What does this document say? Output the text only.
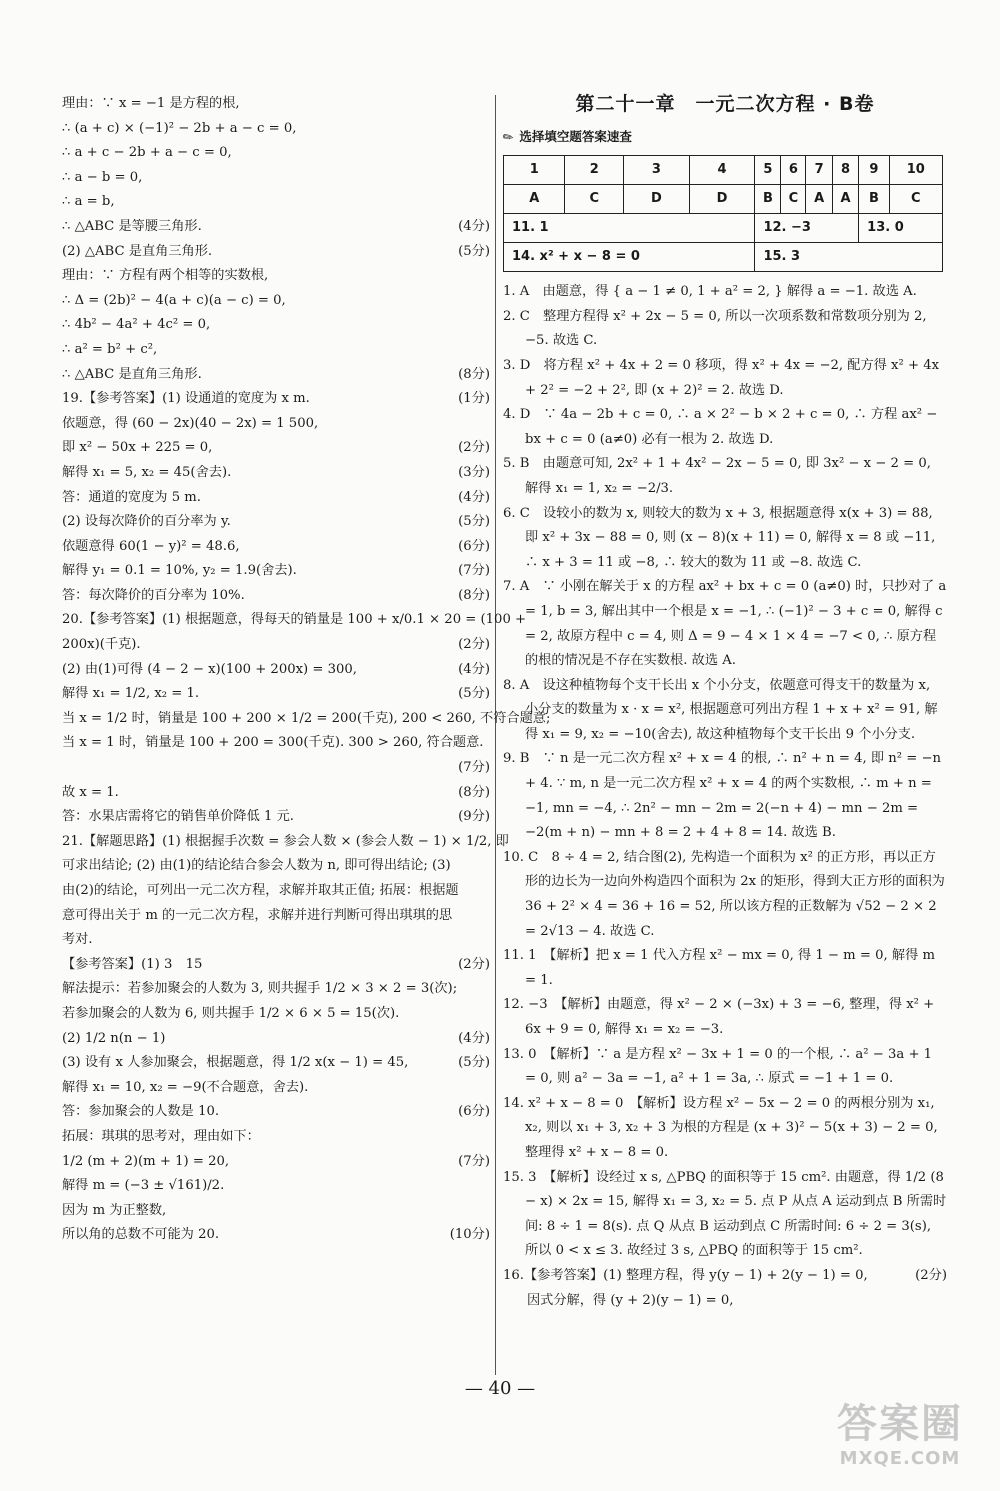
理由：∵ x = −1 是方程的根,
∴ (a + c) × (−1)² − 2b + a − c = 0,
∴ a + c − 2b + a − c = 0,
∴ a − b = 0,
∴ a = b,
∴ △ABC 是等腰三角形.	(4分)
(2) △ABC 是直角三角形.	(5分)
理由：∵ 方程有两个相等的实数根,
∴ Δ = (2b)² − 4(a + c)(a − c) = 0,
∴ 4b² − 4a² + 4c² = 0,
∴ a² = b² + c²,
∴ △ABC 是直角三角形.	(8分)
19.【参考答案】(1) 设通道的宽度为 x m.	(1分)
依题意，得 (60 − 2x)(40 − 2x) = 1 500,
即 x² − 50x + 225 = 0,	(2分)
解得 x₁ = 5, x₂ = 45(舍去).	(3分)
答：通道的宽度为 5 m.	(4分)
(2) 设每次降价的百分率为 y.	(5分)
依题意得 60(1 − y)² = 48.6,	(6分)
解得 y₁ = 0.1 = 10%, y₂ = 1.9(舍去).	(7分)
答：每次降价的百分率为 10%.	(8分)
20.【参考答案】(1) 根据题意，得每天的销量是 100 + x/0.1 × 20 = (100 +
200x)(千克).	(2分)
(2) 由(1)可得 (4 − 2 − x)(100 + 200x) = 300,	(4分)
解得 x₁ = 1/2, x₂ = 1.	(5分)
当 x = 1/2 时，销量是 100 + 200 × 1/2 = 200(千克), 200 < 260, 不符合题意;
当 x = 1 时，销量是 100 + 200 = 300(千克). 300 > 260, 符合题意.
(7分)
故 x = 1.	(8分)
答：水果店需将它的销售单价降低 1 元.	(9分)
21.【解题思路】(1) 根据握手次数 = 参会人数 × (参会人数 − 1) × 1/2, 即
可求出结论; (2) 由(1)的结论结合参会人数为 n, 即可得出结论; (3)
由(2)的结论，可列出一元二次方程，求解并取其正值; 拓展：根据题
意可得出关于 m 的一元二次方程，求解并进行判断可得出琪琪的思
考对.
【参考答案】(1) 3　15	(2分)
解法提示：若参加聚会的人数为 3, 则共握手 1/2 × 3 × 2 = 3(次);
若参加聚会的人数为 6, 则共握手 1/2 × 6 × 5 = 15(次).
(2) 1/2 n(n − 1)	(4分)
(3) 设有 x 人参加聚会，根据题意，得 1/2 x(x − 1) = 45,	(5分)
解得 x₁ = 10, x₂ = −9(不合题意，舍去).
答：参加聚会的人数是 10.	(6分)
拓展：琪琪的思考对，理由如下：
1/2 (m + 2)(m + 1) = 20,	(7分)
解得 m = (−3 ± √161)/2.
因为 m 为正整数,
所以角的总数不可能为 20.	(10分)
第二十一章　一元二次方程 · B卷
✎ 选择填空题答案速查
1	2	3	4	5	6	7	8	9	10
A	C	D	D	B	C	A	A	B	C
11. 1				12. −3				13. 0	
14. x² + x − 8 = 0				15. 3					
1. A　由题意，得 { a − 1 ≠ 0, 1 + a² = 2, } 解得 a = −1. 故选 A.
2. C　整理方程得 x² + 2x − 5 = 0, 所以一次项系数和常数项分别为 2, −5. 故选 C.
3. D　将方程 x² + 4x + 2 = 0 移项，得 x² + 4x = −2, 配方得 x² + 4x + 2² = −2 + 2², 即 (x + 2)² = 2. 故选 D.
4. D　∵ 4a − 2b + c = 0, ∴ a × 2² − b × 2 + c = 0, ∴ 方程 ax² − bx + c = 0 (a≠0) 必有一根为 2. 故选 D.
5. B　由题意可知, 2x² + 1 + 4x² − 2x − 5 = 0, 即 3x² − x − 2 = 0, 解得 x₁ = 1, x₂ = −2/3.
6. C　设较小的数为 x, 则较大的数为 x + 3, 根据题意得 x(x + 3) = 88, 即 x² + 3x − 88 = 0, 则 (x − 8)(x + 11) = 0, 解得 x = 8 或 −11, ∴ x + 3 = 11 或 −8, ∴ 较大的数为 11 或 −8. 故选 C.
7. A　∵ 小刚在解关于 x 的方程 ax² + bx + c = 0 (a≠0) 时，只抄对了 a = 1, b = 3, 解出其中一个根是 x = −1, ∴ (−1)² − 3 + c = 0, 解得 c = 2, 故原方程中 c = 4, 则 Δ = 9 − 4 × 1 × 4 = −7 < 0, ∴ 原方程的根的情况是不存在实数根. 故选 A.
8. A　设这种植物每个支干长出 x 个小分支，依题意可得支干的数量为 x, 小分支的数量为 x · x = x², 根据题意可列出方程 1 + x + x² = 91, 解得 x₁ = 9, x₂ = −10(舍去), 故这种植物每个支干长出 9 个小分支.
9. B　∵ n 是一元二次方程 x² + x = 4 的根, ∴ n² + n = 4, 即 n² = −n + 4. ∵ m, n 是一元二次方程 x² + x = 4 的两个实数根, ∴ m + n = −1, mn = −4, ∴ 2n² − mn − 2m = 2(−n + 4) − mn − 2m = −2(m + n) − mn + 8 = 2 + 4 + 8 = 14. 故选 B.
10. C　8 ÷ 4 = 2, 结合图(2), 先构造一个面积为 x² 的正方形，再以正方形的边长为一边向外构造四个面积为 2x 的矩形，得到大正方形的面积为 36 + 2² × 4 = 36 + 16 = 52, 所以该方程的正数解为 √52 − 2 × 2 = 2√13 − 4. 故选 C.
11. 1　【解析】把 x = 1 代入方程 x² − mx = 0, 得 1 − m = 0, 解得 m = 1.
12. −3　【解析】由题意，得 x² − 2 × (−3x) + 3 = −6, 整理，得 x² + 6x + 9 = 0, 解得 x₁ = x₂ = −3.
13. 0　【解析】∵ a 是方程 x² − 3x + 1 = 0 的一个根, ∴ a² − 3a + 1 = 0, 则 a² − 3a = −1, a² + 1 = 3a, ∴ 原式 = −1 + 1 = 0.
14. x² + x − 8 = 0　【解析】设方程 x² − 5x − 2 = 0 的两根分别为 x₁, x₂, 则以 x₁ + 3, x₂ + 3 为根的方程是 (x + 3)² − 5(x + 3) − 2 = 0, 整理得 x² + x − 8 = 0.
15. 3　【解析】设经过 x s, △PBQ 的面积等于 15 cm². 由题意，得 1/2 (8 − x) × 2x = 15, 解得 x₁ = 3, x₂ = 5. 点 P 从点 A 运动到点 B 所需时间: 8 ÷ 1 = 8(s). 点 Q 从点 B 运动到点 C 所需时间: 6 ÷ 2 = 3(s), 所以 0 < x ≤ 3. 故经过 3 s, △PBQ 的面积等于 15 cm².
16.【参考答案】(1) 整理方程，得 y(y − 1) + 2(y − 1) = 0,	(2分)
因式分解，得 (y + 2)(y − 1) = 0,
— 40 —
答案圈
MXQE.COM
